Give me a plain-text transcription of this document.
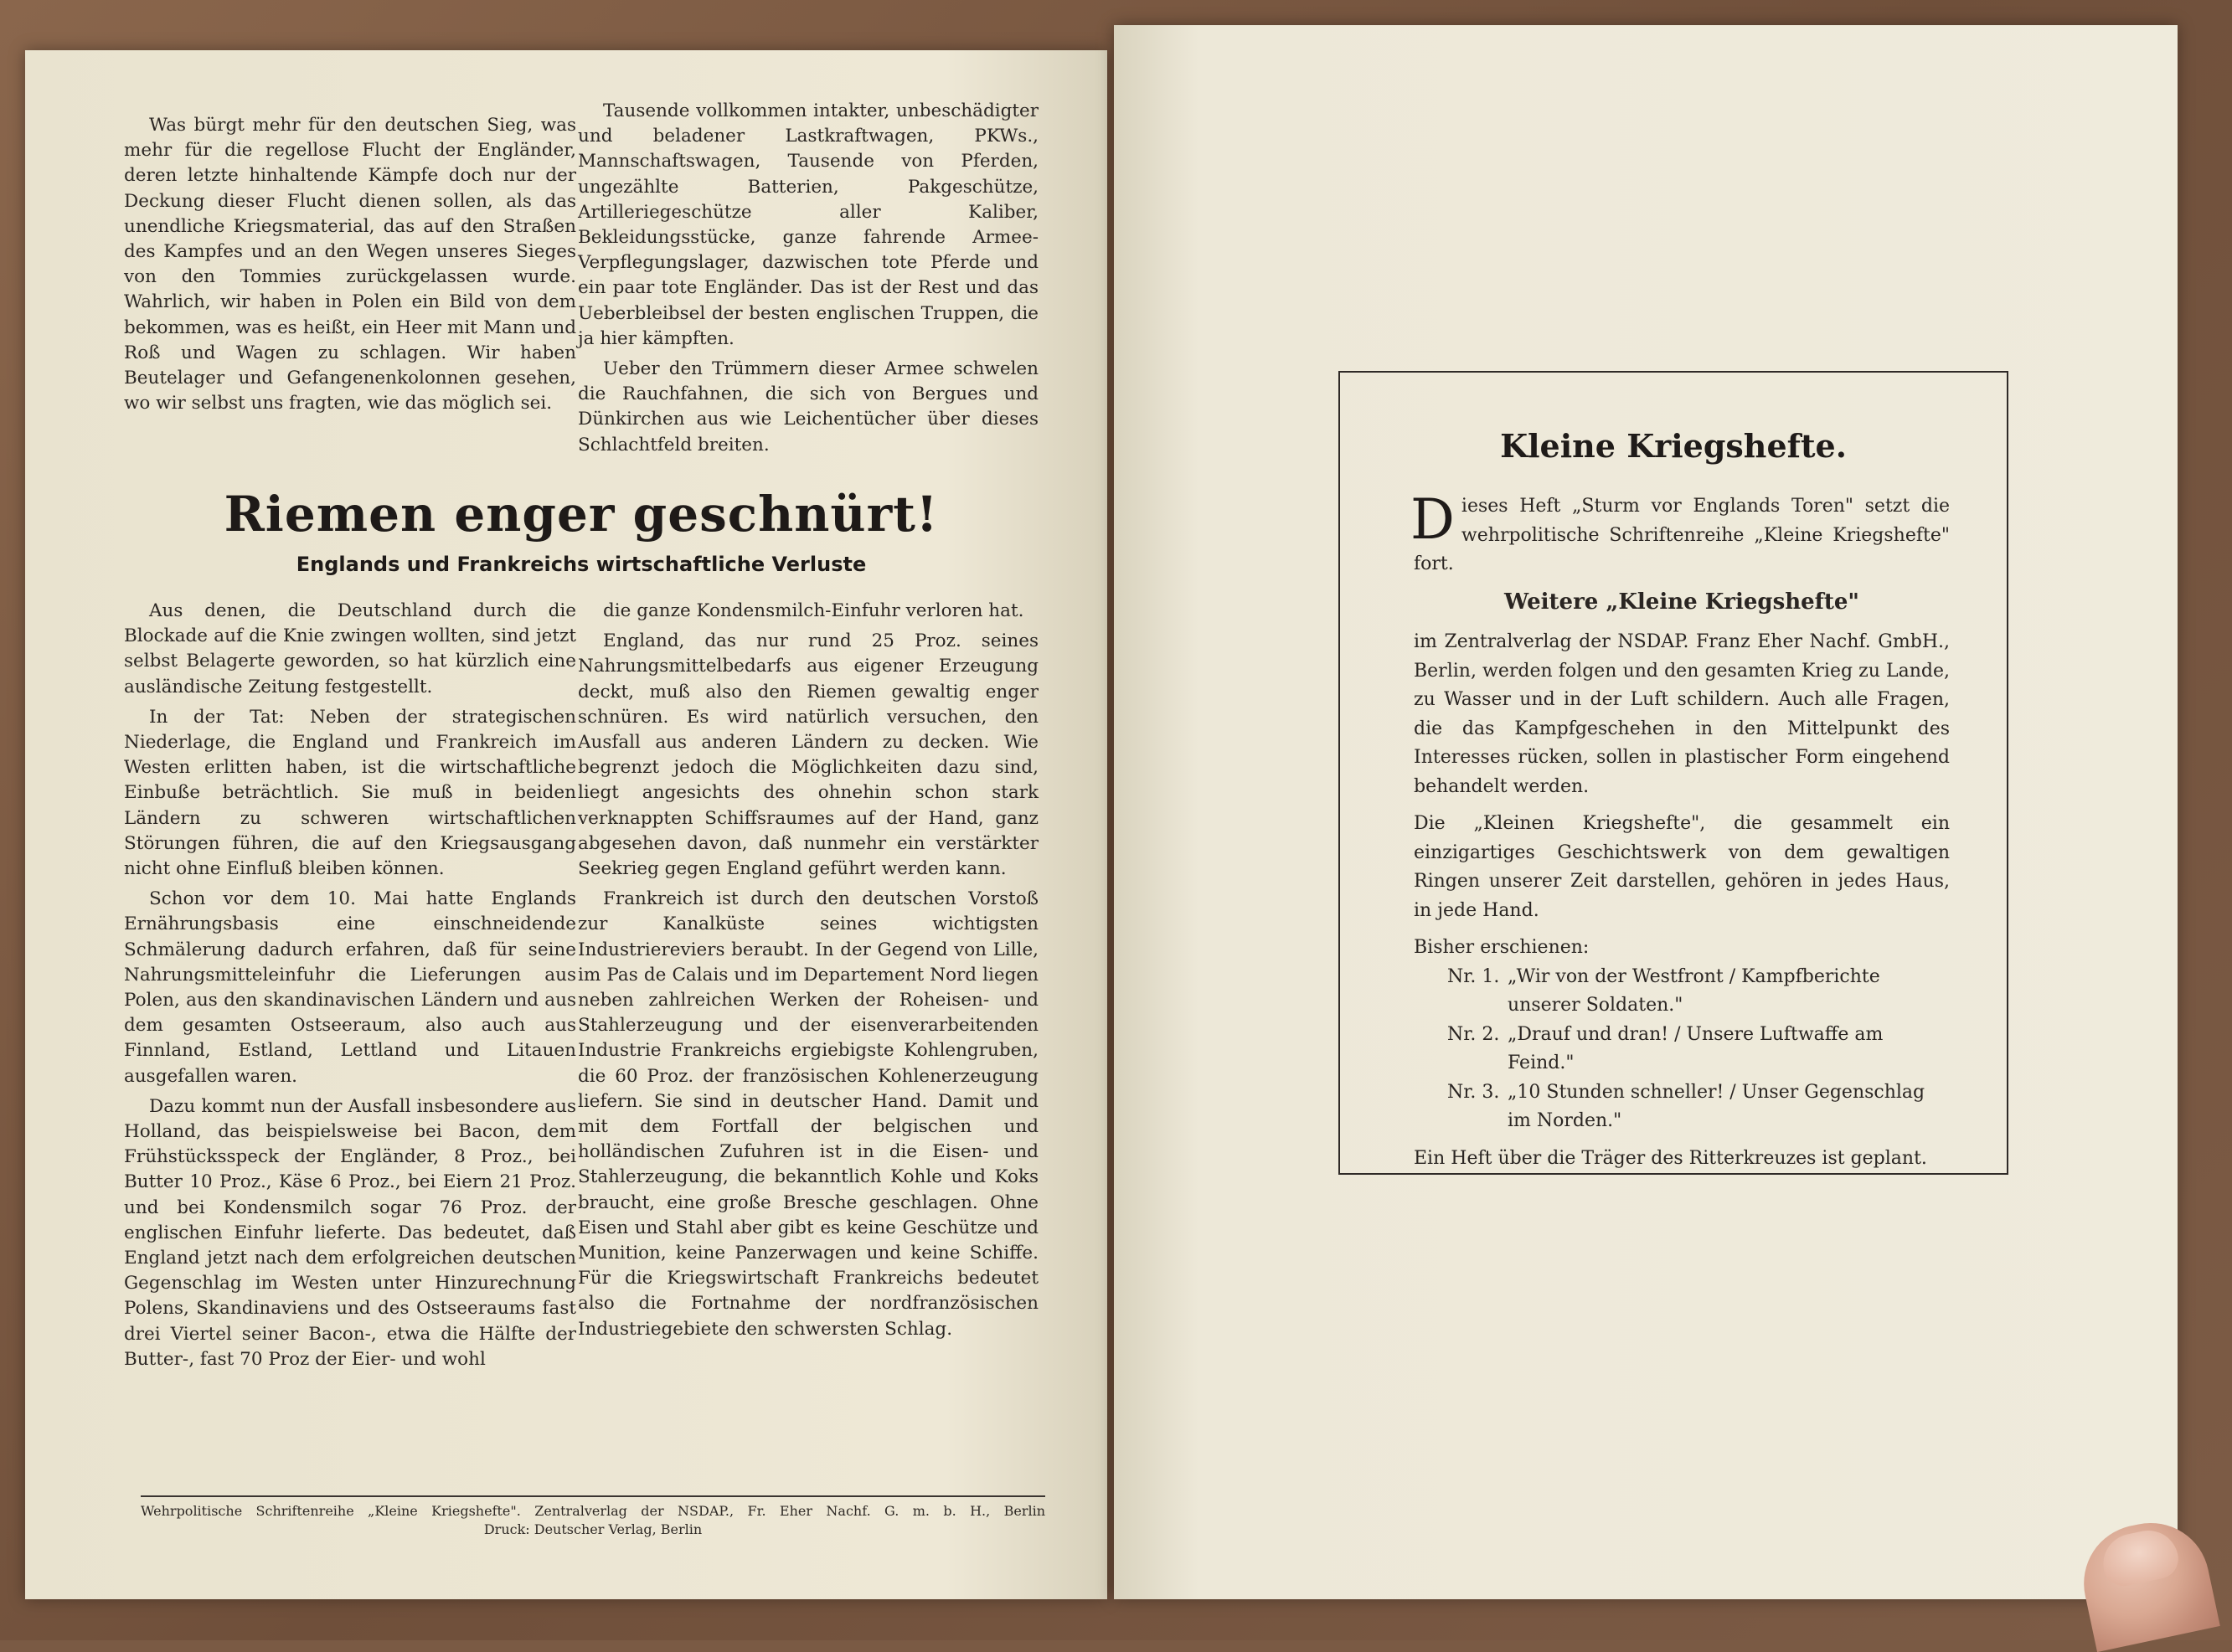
Was bürgt mehr für den deutschen Sieg, was mehr für die regellose Flucht der Engländer, deren letzte hinhaltende Kämpfe doch nur der Deckung dieser Flucht dienen sollen, als das unendliche Kriegsmaterial, das auf den Straßen des Kampfes und an den Wegen unseres Sieges von den Tommies zurückgelassen wurde. Wahrlich, wir haben in Polen ein Bild von dem bekommen, was es heißt, ein Heer mit Mann und Roß und Wagen zu schlagen. Wir haben Beutelager und Gefangenenkolonnen gesehen, wo wir selbst uns fragten, wie das möglich sei.

Tausende vollkommen intakter, unbeschädigter und beladener Lastkraftwagen, PKWs., Mannschaftswagen, Tausende von Pferden, ungezählte Batterien, Pakgeschütze, Artilleriegeschütze aller Kaliber, Bekleidungsstücke, ganze fahrende Armee-Verpflegungslager, dazwischen tote Pferde und ein paar tote Engländer. Das ist der Rest und das Ueberbleibsel der besten englischen Truppen, die ja hier kämpften.

Ueber den Trümmern dieser Armee schwelen die Rauchfahnen, die sich von Bergues und Dünkirchen aus wie Leichentücher über dieses Schlachtfeld breiten.

Riemen enger geschnürt!
Englands und Frankreichs wirtschaftliche Verluste

Aus denen, die Deutschland durch die Blockade auf die Knie zwingen wollten, sind jetzt selbst Belagerte geworden, so hat kürzlich eine ausländische Zeitung festgestellt.

In der Tat: Neben der strategischen Niederlage, die England und Frankreich im Westen erlitten haben, ist die wirtschaftliche Einbuße beträchtlich. Sie muß in beiden Ländern zu schweren wirtschaftlichen Störungen führen, die auf den Kriegsausgang nicht ohne Einfluß bleiben können.

Schon vor dem 10. Mai hatte Englands Ernährungsbasis eine einschneidende Schmälerung dadurch erfahren, daß für seine Nahrungsmitteleinfuhr die Lieferungen aus Polen, aus den skandinavischen Ländern und aus dem gesamten Ostseeraum, also auch aus Finnland, Estland, Lettland und Litauen ausgefallen waren.

Dazu kommt nun der Ausfall insbesondere aus Holland, das beispielsweise bei Bacon, dem Frühstücksspeck der Engländer, 8 Proz., bei Butter 10 Proz., Käse 6 Proz., bei Eiern 21 Proz. und bei Kondensmilch sogar 76 Proz. der englischen Einfuhr lieferte. Das bedeutet, daß England jetzt nach dem erfolgreichen deutschen Gegenschlag im Westen unter Hinzurechnung Polens, Skandinaviens und des Ostseeraums fast drei Viertel seiner Bacon-, etwa die Hälfte der Butter-, fast 70 Proz der Eier- und wohl

die ganze Kondensmilch-Einfuhr verloren hat.

England, das nur rund 25 Proz. seines Nahrungsmittelbedarfs aus eigener Erzeugung deckt, muß also den Riemen gewaltig enger schnüren. Es wird natürlich versuchen, den Ausfall aus anderen Ländern zu decken. Wie begrenzt jedoch die Möglichkeiten dazu sind, liegt angesichts des ohnehin schon stark verknappten Schiffsraumes auf der Hand, ganz abgesehen davon, daß nunmehr ein verstärkter Seekrieg gegen England geführt werden kann.

Frankreich ist durch den deutschen Vorstoß zur Kanalküste seines wichtigsten Industriereviers beraubt. In der Gegend von Lille, im Pas de Calais und im Departement Nord liegen neben zahlreichen Werken der Roheisen- und Stahlerzeugung und der eisenverarbeitenden Industrie Frankreichs ergiebigste Kohlengruben, die 60 Proz. der französischen Kohlenerzeugung liefern. Sie sind in deutscher Hand. Damit und mit dem Fortfall der belgischen und holländischen Zufuhren ist in die Eisen- und Stahlerzeugung, die bekanntlich Kohle und Koks braucht, eine große Bresche geschlagen. Ohne Eisen und Stahl aber gibt es keine Geschütze und Munition, keine Panzerwagen und keine Schiffe. Für die Kriegswirtschaft Frankreichs bedeutet also die Fortnahme der nordfranzösischen Industriegebiete den schwersten Schlag.

Wehrpolitische Schriftenreihe „Kleine Kriegshefte". Zentralverlag der NSDAP., Fr. Eher Nachf. G. m. b. H., Berlin
Druck: Deutscher Verlag, Berlin
Kleine Kriegshefte.

Dieses Heft „Sturm vor Englands Toren" setzt die wehrpolitische Schriftenreihe „Kleine Kriegshefte" fort.

Weitere „Kleine Kriegshefte"

im Zentralverlag der NSDAP. Franz Eher Nachf. GmbH., Berlin, werden folgen und den gesamten Krieg zu Lande, zu Wasser und in der Luft schildern. Auch alle Fragen, die das Kampfgeschehen in den Mittelpunkt des Interesses rücken, sollen in plastischer Form eingehend behandelt werden.

Die „Kleinen Kriegshefte", die gesammelt ein einzigartiges Geschichtswerk von dem gewaltigen Ringen unserer Zeit darstellen, gehören in jedes Haus, in jede Hand.

Bisher erschienen:

Nr. 1. „Wir von der Westfront / Kampfberichte unserer Soldaten."
Nr. 2. „Drauf und dran! / Unsere Luftwaffe am Feind."
Nr. 3. „10 Stunden schneller! / Unser Gegenschlag im Norden."

Ein Heft über die Träger des Ritterkreuzes ist geplant.
